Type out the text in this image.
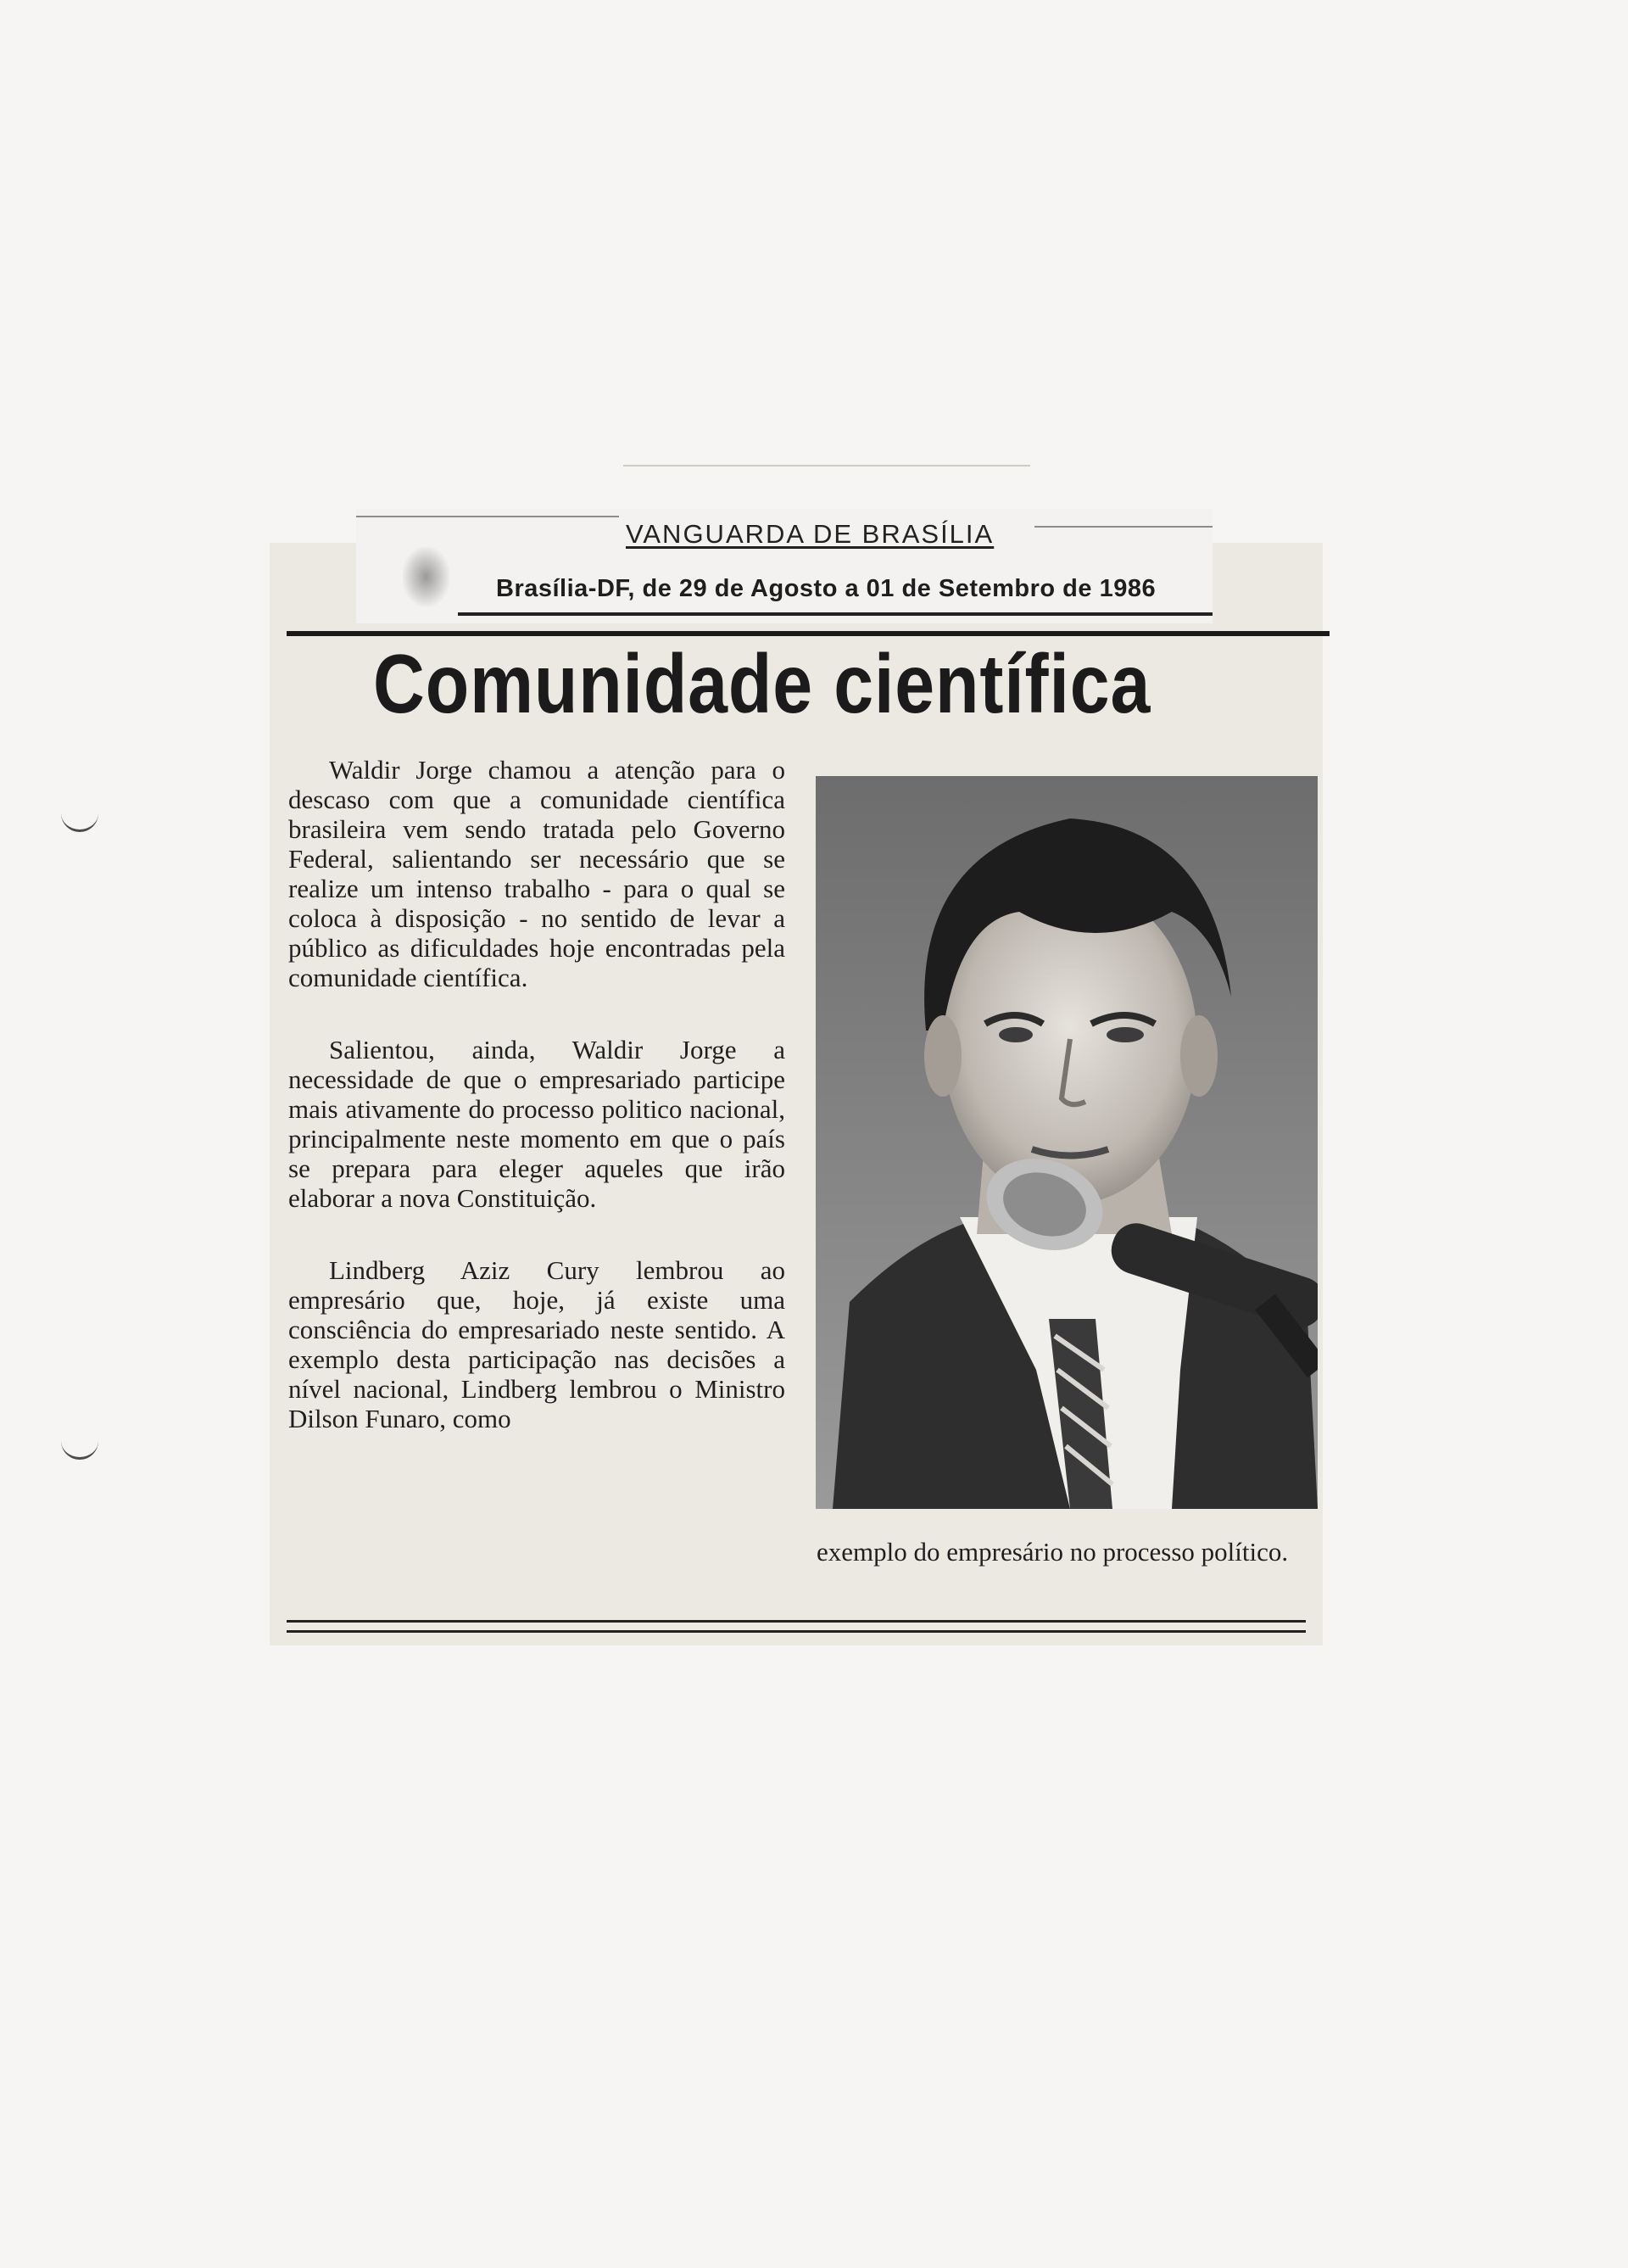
VANGUARDA DE BRASÍLIA
Brasília-DF, de 29 de Agosto a 01 de Setembro de 1986
Comunidade científica

Waldir Jorge chamou a atenção para o descaso com que a comunidade científica brasileira vem sendo tratada pelo Governo Federal, salientando ser necessário que se realize um intenso trabalho - para o qual se coloca à disposição - no sentido de levar a público as dificuldades hoje encontradas pela comunidade científica.

Salientou, ainda, Waldir Jorge a necessidade de que o empresariado participe mais ativamente do processo politico nacional, principalmente neste momento em que o país se prepara para eleger aqueles que irão elaborar a nova Constituição.

Lindberg Aziz Cury lembrou ao empresário que, hoje, já existe uma consciência do empresariado neste sentido. A exemplo desta participação nas decisões a nível nacional, Lindberg lembrou o Ministro Dilson Funaro, como

exemplo do empresário no processo político.
